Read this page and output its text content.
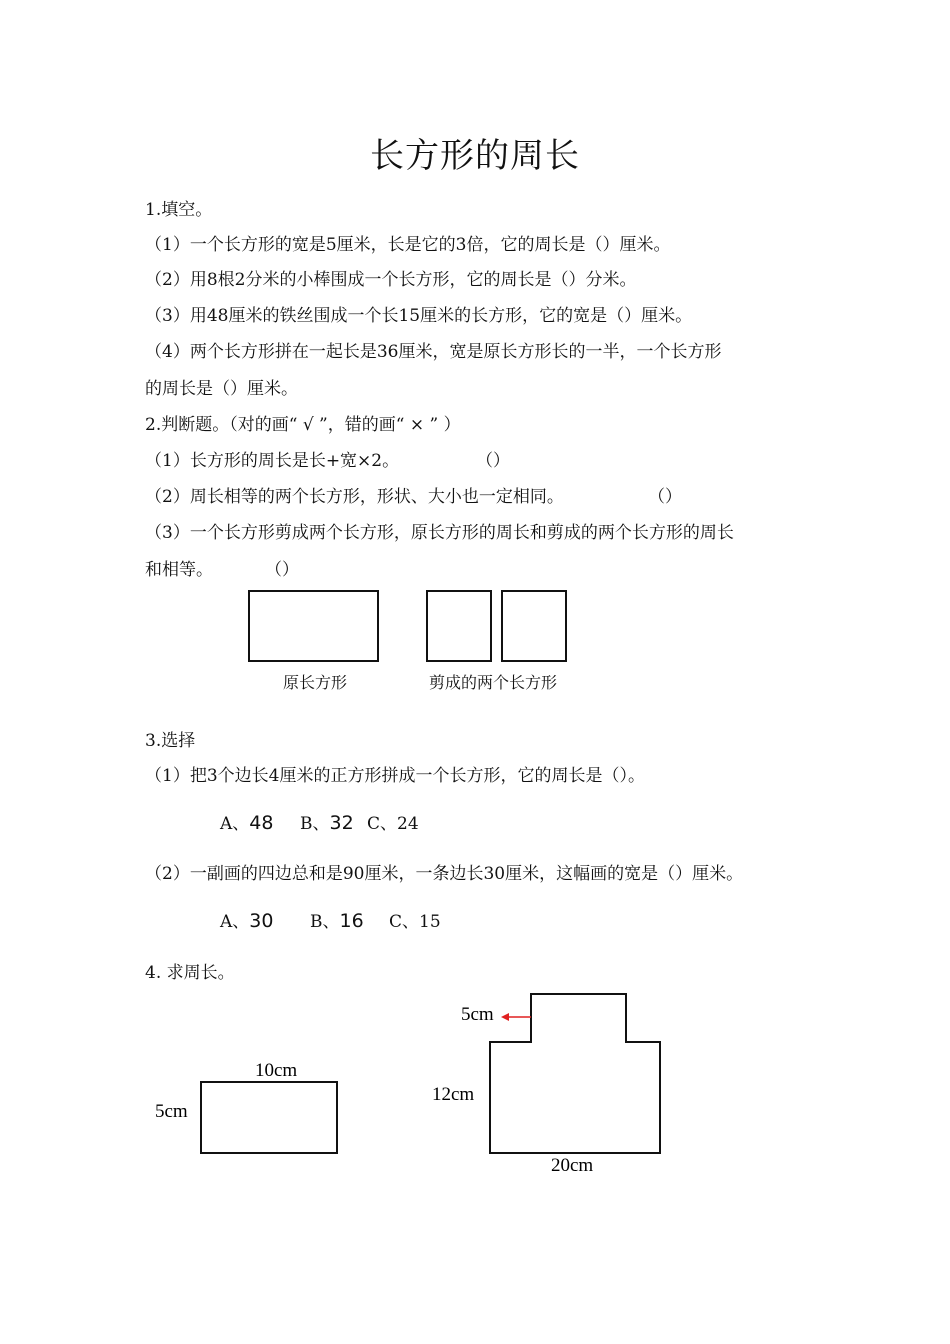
长方形的周长
1.填空。
（1）一个长方形的宽是5厘米，长是它的3倍，它的周长是（）厘米。
（2）用8根2分米的小棒围成一个长方形，它的周长是（）分米。
（3）用48厘米的铁丝围成一个长15厘米的长方形，它的宽是（）厘米。
（4）两个长方形拼在一起长是36厘米，宽是原长方形长的一半，一个长方形
的周长是（）厘米。
2.判断题。（对的画“ √ ”，错的画“ × ” ）
（1）长方形的周长是长+宽×2。	（）
（2）周长相等的两个长方形，形状、大小也一定相同。	（）
（3）一个长方形剪成两个长方形，原长方形的周长和剪成的两个长方形的周长
和相等。	（）
原长方形	剪成的两个长方形
3.选择
（1）把3个边长4厘米的正方形拼成一个长方形，它的周长是（）。
A、48 B、32 C、24
（2）一副画的四边总和是90厘米，一条边长30厘米，这幅画的宽是（）厘米。
A、30 B、16 C、15
4. 求周长。
10cm
5cm
5cm
12cm
20cm
